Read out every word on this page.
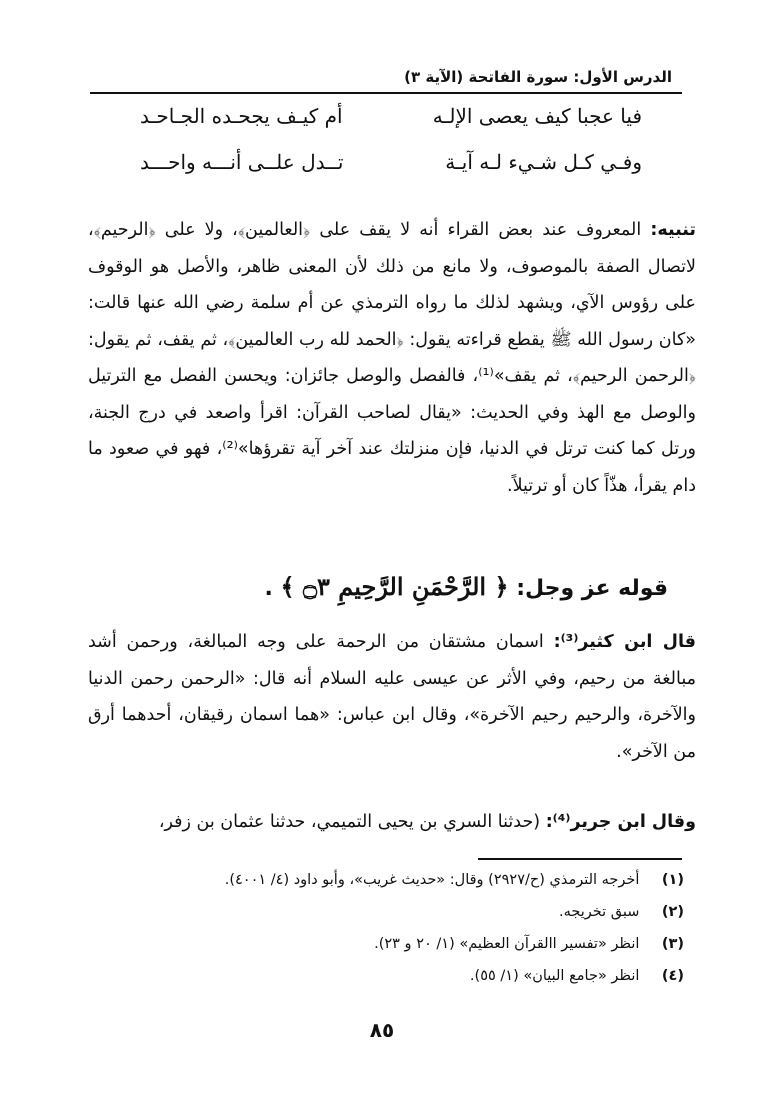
الدرس الأول: سورة الفاتحة (الآية ٣)
فيا عجبا كيف يعصى الإلـه
أم كيـف يجحـده الجـاحـد
وفـي كـل شـيء لـه آيـة
تــدل علــى أنـــه واحـــد
تنبيه: المعروف عند بعض القراء أنه لا يقف على ﴿العالمين﴾، ولا على ﴿الرحيم﴾، لاتصال الصفة بالموصوف، ولا مانع من ذلك لأن المعنى ظاهر، والأصل هو الوقوف على رؤوس الآي، ويشهد لذلك ما رواه الترمذي عن أم سلمة رضي الله عنها قالت: «كان رسول الله ﷺ يقطع قراءته يقول: ﴿الحمد لله رب العالمين﴾، ثم يقف، ثم يقول: ﴿الرحمن الرحيم﴾، ثم يقف»⁽¹⁾، فالفصل والوصل جائزان: ويحسن الفصل مع الترتيل والوصل مع الهذ وفي الحديث: «يقال لصاحب القرآن: اقرأ واصعد في درج الجنة، ورتل كما كنت ترتل في الدنيا، فإن منزلتك عند آخر آية تقرؤها»⁽²⁾، فهو في صعود ما دام يقرأ، هذّاً كان أو ترتيلاً.
قوله عز وجل: ﴿ الرَّحْمَنِ الرَّحِيمِ ۝٣ ﴾ .
قال ابن كثير⁽³⁾: اسمان مشتقان من الرحمة على وجه المبالغة، ورحمن أشد مبالغة من رحيم، وفي الأثر عن عيسى عليه السلام أنه قال: «الرحمن رحمن الدنيا والآخرة، والرحيم رحيم الآخرة»، وقال ابن عباس: «هما اسمان رقيقان، أحدهما أرق من الآخر».
وقال ابن جرير⁽⁴⁾: (حدثنا السري بن يحيى التميمي، حدثنا عثمان بن زفر،
(١) أخرجه الترمذي (ح/٢٩٢٧) وقال: «حديث غريب»، وأبو داود (٤/ ٤٠٠١).
(٢) سبق تخريجه.
(٣) انظر «تفسير االقرآن العظيم» (١/ ٢٠ و ٢٣).
(٤) انظر «جامع البيان» (١/ ٥٥).
٨٥
